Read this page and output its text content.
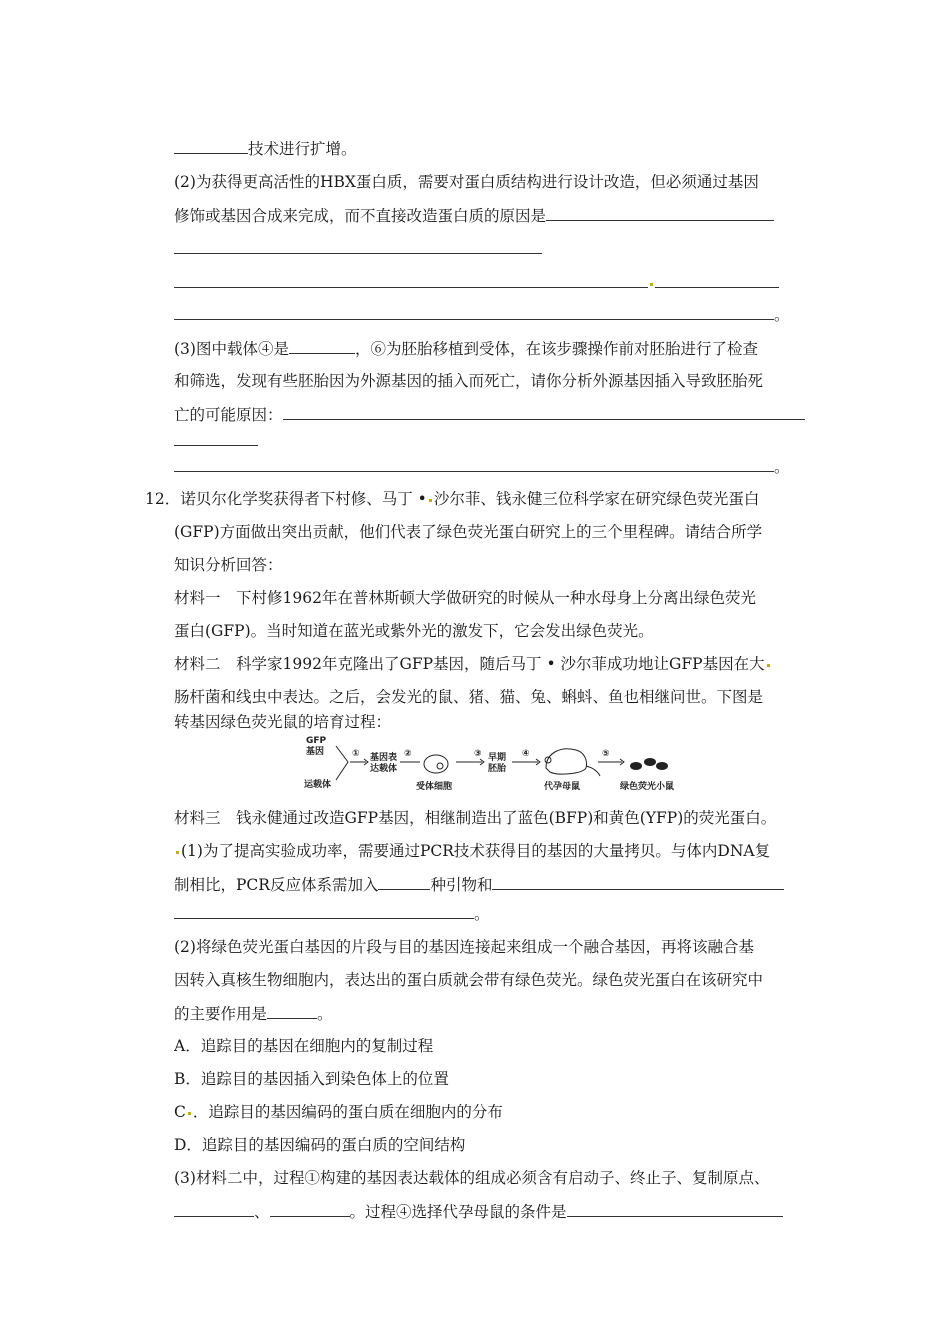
技术进行扩增。
(2)为获得更高活性的HBX蛋白质，需要对蛋白质结构进行设计改造，但必须通过基因
修饰或基因合成来完成，而不直接改造蛋白质的原因是
。
(3)图中载体④是	，⑥为胚胎移植到受体，在该步骤操作前对胚胎进行了检查
和筛选，发现有些胚胎因为外源基因的插入而死亡，请你分析外源基因插入导致胚胎死
亡的可能原因：
。
12．诺贝尔化学奖获得者下村修、马丁 • 沙尔菲、钱永健三位科学家在研究绿色荧光蛋白
(GFP)方面做出突出贡献，他们代表了绿色荧光蛋白研究上的三个里程碑。请结合所学
知识分析回答：
材料一　下村修1962年在普林斯顿大学做研究的时候从一种水母身上分离出绿色荧光
蛋白(GFP)。当时知道在蓝光或紫外光的激发下，它会发出绿色荧光。
材料二　科学家1992年克隆出了GFP基因，随后马丁 • 沙尔菲成功地让GFP基因在大
肠杆菌和线虫中表达。之后，会发光的鼠、猪、猫、兔、蝌蚪、鱼也相继问世。下图是
转基因绿色荧光鼠的培育过程：
GFP
基因
运载体
① 基因表
达载体
②
受体细胞
③ 早期
胚胎
④
代孕母鼠
⑤
绿色荧光小鼠
材料三　钱永健通过改造GFP基因，相继制造出了蓝色(BFP)和黄色(YFP)的荧光蛋白。
(1)为了提高实验成功率，需要通过PCR技术获得目的基因的大量拷贝。与体内DNA复
制相比，PCR反应体系需加入	种引物和
。
(2)将绿色荧光蛋白基因的片段与目的基因连接起来组成一个融合基因，再将该融合基
因转入真核生物细胞内，表达出的蛋白质就会带有绿色荧光。绿色荧光蛋白在该研究中
的主要作用是	。
A．追踪目的基因在细胞内的复制过程
B．追踪目的基因插入到染色体上的位置
C ．追踪目的基因编码的蛋白质在细胞内的分布
D．追踪目的基因编码的蛋白质的空间结构
(3)材料二中，过程①构建的基因表达载体的组成必须含有启动子、终止子、复制原点、
、	。过程④选择代孕母鼠的条件是
